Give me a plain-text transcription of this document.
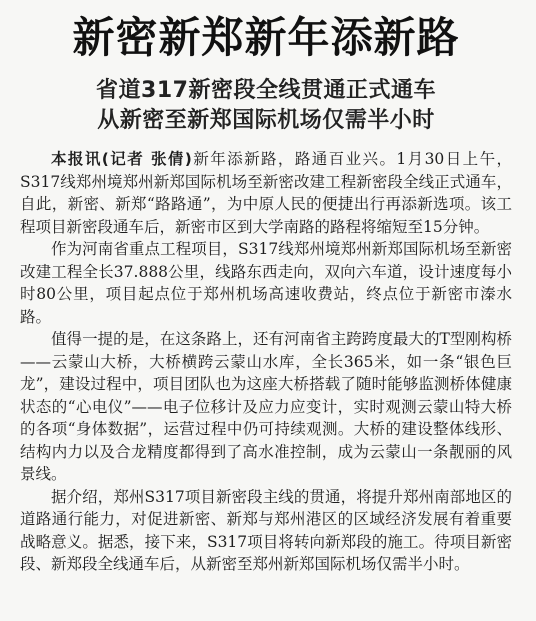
新密新郑新年添新路
省道317新密段全线贯通正式通车
从新密至新郑国际机场仅需半小时

本报讯(记者 张倩)新年添新路，路通百业兴。1月30日上午，S317线郑州境郑州新郑国际机场至新密改建工程新密段全线正式通车，自此，新密、新郑“路路通”，为中原人民的便捷出行再添新选项。该工程项目新密段通车后，新密市区到大学南路的路程将缩短至15分钟。

作为河南省重点工程项目，S317线郑州境郑州新郑国际机场至新密改建工程全长37.888公里，线路东西走向，双向六车道，设计速度每小时80公里，项目起点位于郑州机场高速收费站，终点位于新密市溱水路。

值得一提的是，在这条路上，还有河南省主跨跨度最大的T型刚构桥——云蒙山大桥，大桥横跨云蒙山水库，全长365米，如一条“银色巨龙”，建设过程中，项目团队也为这座大桥搭载了随时能够监测桥体健康状态的“心电仪”——电子位移计及应力应变计，实时观测云蒙山特大桥的各项“身体数据”，运营过程中仍可持续观测。大桥的建设整体线形、结构内力以及合龙精度都得到了高水准控制，成为云蒙山一条靓丽的风景线。

据介绍，郑州S317项目新密段主线的贯通，将提升郑州南部地区的道路通行能力，对促进新密、新郑与郑州港区的区域经济发展有着重要战略意义。据悉，接下来，S317项目将转向新郑段的施工。待项目新密段、新郑段全线通车后，从新密至郑州新郑国际机场仅需半小时。
